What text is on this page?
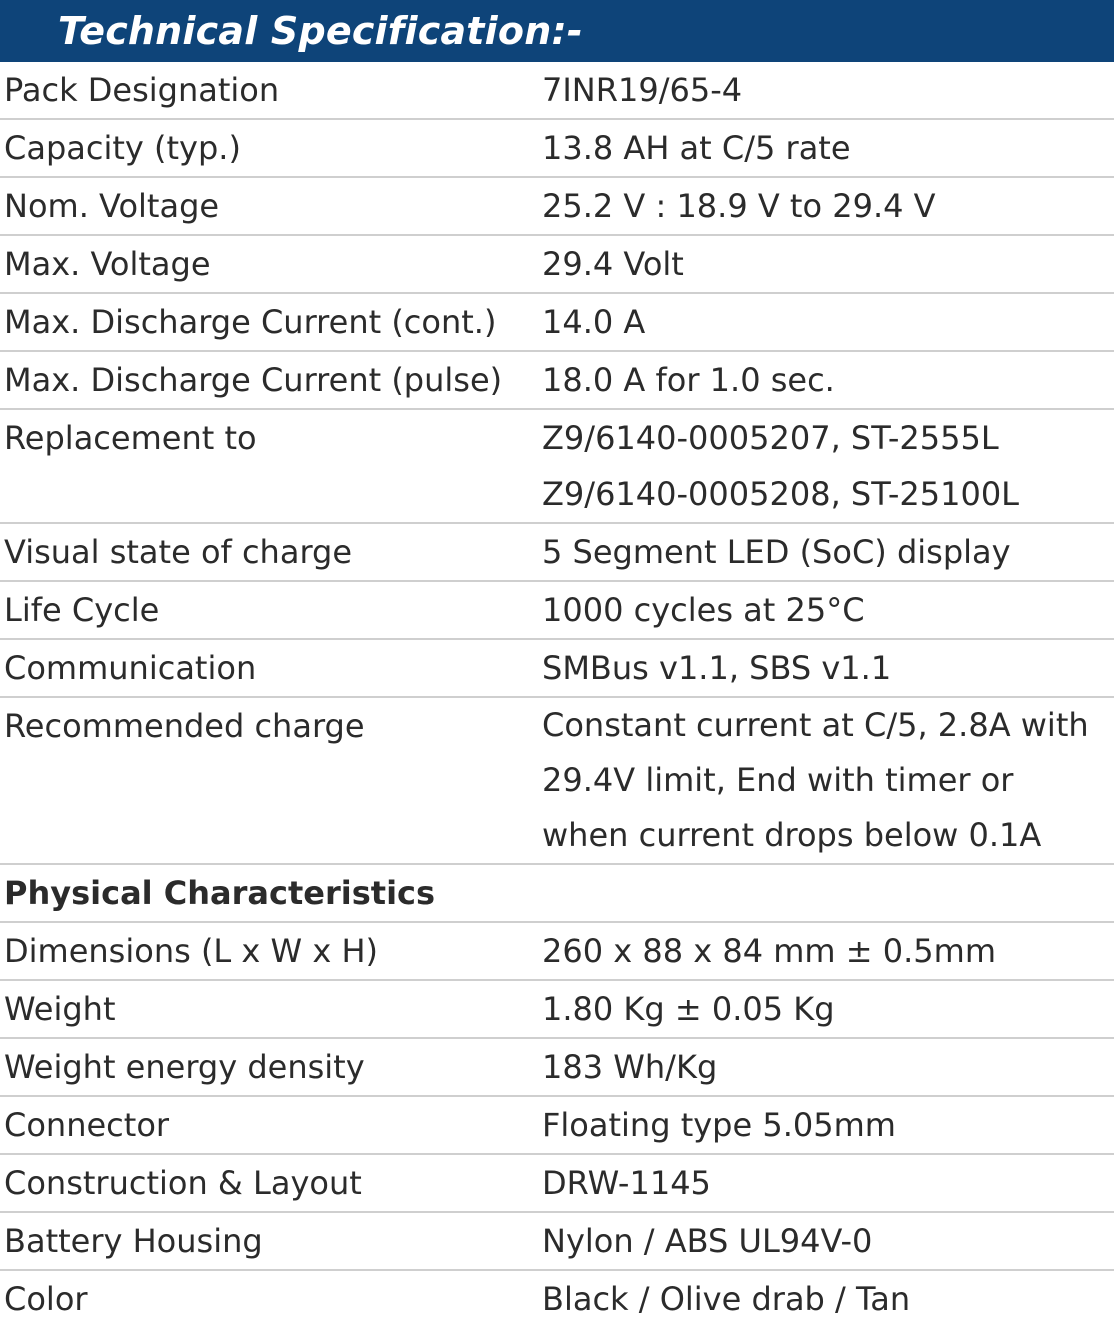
Technical Specification:-
Pack Designation	7INR19/65-4
Capacity (typ.)	13.8 AH at C/5 rate
Nom. Voltage	25.2 V : 18.9 V to 29.4 V
Max. Voltage	29.4 Volt
Max. Discharge Current (cont.)	14.0 A
Max. Discharge Current (pulse)	18.0 A for 1.0 sec.
Replacement to	Z9/6140-0005207, ST-2555L
Z9/6140-0005208, ST-25100L
Visual state of charge	5 Segment LED (SoC) display
Life Cycle	1000 cycles at 25°C
Communication	SMBus v1.1, SBS v1.1
Recommended charge	Constant current at C/5, 2.8A with
29.4V limit, End with timer or
when current drops below 0.1A
Physical Characteristics
Dimensions (L x W x H)	260 x 88 x 84 mm ± 0.5mm
Weight	1.80 Kg ± 0.05 Kg
Weight energy density	183 Wh/Kg
Connector	Floating type 5.05mm
Construction & Layout	DRW-1145
Battery Housing	Nylon / ABS UL94V-0
Color	Black / Olive drab / Tan
